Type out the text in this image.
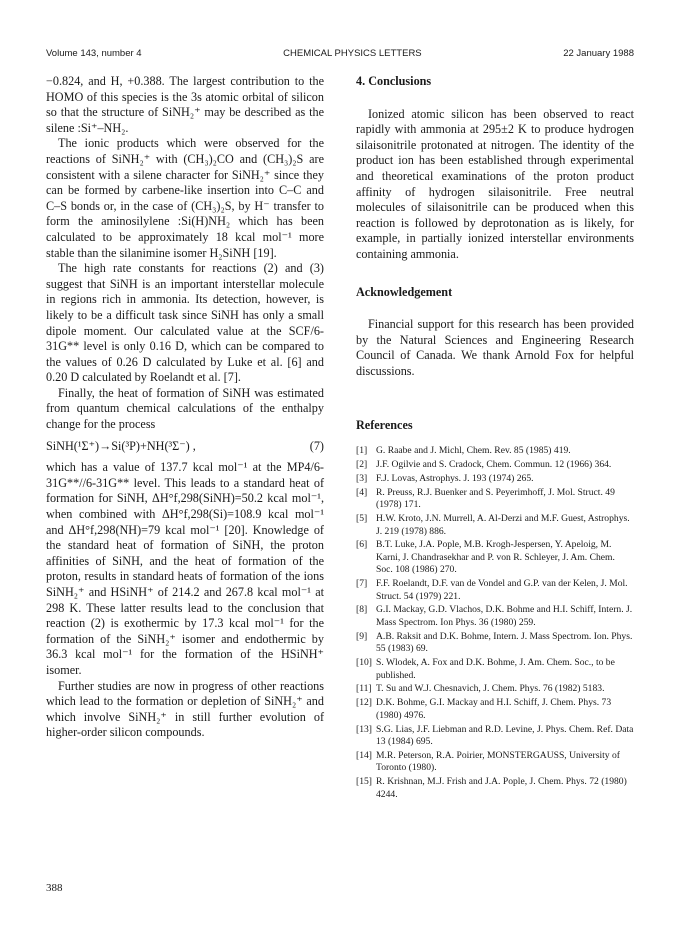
Volume 143, number 4	CHEMICAL PHYSICS LETTERS	22 January 1988

−0.824, and H, +0.388. The largest contribution to the HOMO of this species is the 3s atomic orbital of silicon so that the structure of SiNH₂⁺ may be described as the silene :Si⁺–NH₂.

The ionic products which were observed for the reactions of SiNH₂⁺ with (CH₃)₂CO and (CH₃)₂S are consistent with a silene character for SiNH₂⁺ since they can be formed by carbene-like insertion into C–C and C–S bonds or, in the case of (CH₃)₂S, by H⁻ transfer to form the aminosilylene :Si(H)NH₂ which has been calculated to be approximately 18 kcal mol⁻¹ more stable than the silanimine isomer H₂SiNH [19].

The high rate constants for reactions (2) and (3) suggest that SiNH is an important interstellar molecule in regions rich in ammonia. Its detection, however, is likely to be a difficult task since SiNH has only a small dipole moment. Our calculated value at the SCF/6-31G** level is only 0.16 D, which can be compared to the values of 0.26 D calculated by Luke et al. [6] and 0.20 D calculated by Roelandt et al. [7].

Finally, the heat of formation of SiNH was estimated from quantum chemical calculations of the enthalpy change for the process

SiNH(¹Σ⁺)→Si(³P)+NH(³Σ⁻) ,	(7)

which has a value of 137.7 kcal mol⁻¹ at the MP4/6-31G**//6-31G** level. This leads to a standard heat of formation for SiNH, ΔH°f,298(SiNH)=50.2 kcal mol⁻¹, when combined with ΔH°f,298(Si)=108.9 kcal mol⁻¹ and ΔH°f,298(NH)=79 kcal mol⁻¹ [20]. Knowledge of the standard heat of formation of SiNH, the proton affinities of SiNH, and the heat of formation of the proton, results in standard heats of formation of the ions SiNH₂⁺ and HSiNH⁺ of 214.2 and 267.8 kcal mol⁻¹ at 298 K. These latter results lead to the conclusion that reaction (2) is exothermic by 17.3 kcal mol⁻¹ for the formation of the SiNH₂⁺ isomer and endothermic by 36.3 kcal mol⁻¹ for the formation of the HSiNH⁺ isomer.

Further studies are now in progress of other reactions which lead to the formation or depletion of SiNH₂⁺ and which involve SiNH₂⁺ in still further evolution of higher-order silicon compounds.

4. Conclusions

Ionized atomic silicon has been observed to react rapidly with ammonia at 295±2 K to produce hydrogen silaisonitrile protonated at nitrogen. The identity of the product ion has been established through experimental and theoretical examinations of the proton product affinity of hydrogen silaisonitrile. Free neutral molecules of silaisonitrile can be produced when this reaction is followed by deprotonation as is likely, for example, in partially ionized interstellar environments containing ammonia.

Acknowledgement

Financial support for this research has been provided by the Natural Sciences and Engineering Research Council of Canada. We thank Arnold Fox for helpful discussions.

References
[1] G. Raabe and J. Michl, Chem. Rev. 85 (1985) 419.
[2] J.F. Ogilvie and S. Cradock, Chem. Commun. 12 (1966) 364.
[3] F.J. Lovas, Astrophys. J. 193 (1974) 265.
[4] R. Preuss, R.J. Buenker and S. Peyerimhoff, J. Mol. Struct. 49 (1978) 171.
[5] H.W. Kroto, J.N. Murrell, A. Al-Derzi and M.F. Guest, Astrophys. J. 219 (1978) 886.
[6] B.T. Luke, J.A. Pople, M.B. Krogh-Jespersen, Y. Apeloig, M. Karni, J. Chandrasekhar and P. von R. Schleyer, J. Am. Chem. Soc. 108 (1986) 270.
[7] F.F. Roelandt, D.F. van de Vondel and G.P. van der Kelen, J. Mol. Struct. 54 (1979) 221.
[8] G.I. Mackay, G.D. Vlachos, D.K. Bohme and H.I. Schiff, Intern. J. Mass Spectrom. Ion Phys. 36 (1980) 259.
[9] A.B. Raksit and D.K. Bohme, Intern. J. Mass Spectrom. Ion. Phys. 55 (1983) 69.
[10] S. Wlodek, A. Fox and D.K. Bohme, J. Am. Chem. Soc., to be published.
[11] T. Su and W.J. Chesnavich, J. Chem. Phys. 76 (1982) 5183.
[12] D.K. Bohme, G.I. Mackay and H.I. Schiff, J. Chem. Phys. 73 (1980) 4976.
[13] S.G. Lias, J.F. Liebman and R.D. Levine, J. Phys. Chem. Ref. Data 13 (1984) 695.
[14] M.R. Peterson, R.A. Poirier, MONSTERGAUSS, University of Toronto (1980).
[15] R. Krishnan, M.J. Frish and J.A. Pople, J. Chem. Phys. 72 (1980) 4244.
388
